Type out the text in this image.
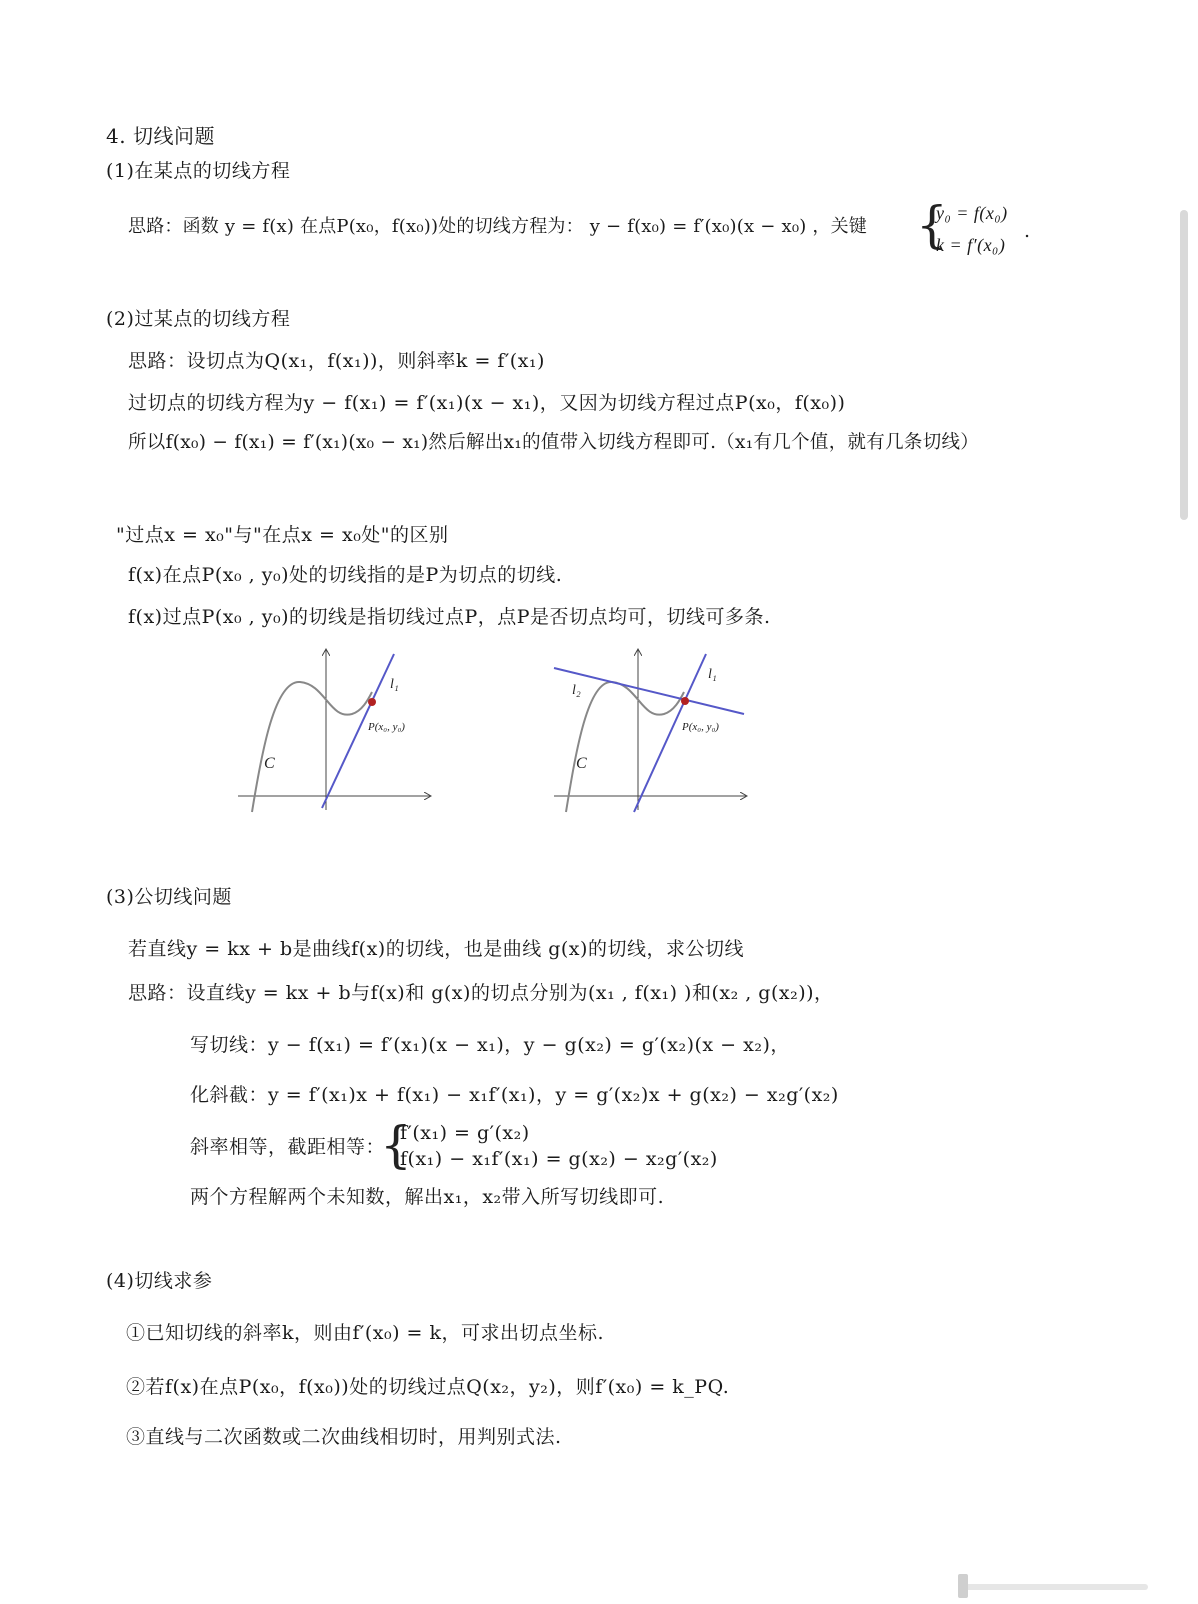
4. 切线问题
(1)在某点的切线方程
思路：函数 y = f(x) 在点P(x₀，f(x₀))处的切线方程为： y − f(x₀) = f′(x₀)(x − x₀) ，关键 {
y₀ = f(x₀)
k = f′(x₀)
.
(2)过某点的切线方程
思路：设切点为Q(x₁，f(x₁))，则斜率k = f′(x₁)
过切点的切线方程为y − f(x₁) = f′(x₁)(x − x₁)，又因为切线方程过点P(x₀，f(x₀))
所以f(x₀) − f(x₁) = f′(x₁)(x₀ − x₁)然后解出x₁的值带入切线方程即可.（x₁有几个值，就有几条切线）
"过点x = x₀"与"在点x = x₀处"的区别
f(x)在点P(x₀ , y₀)处的切线指的是P为切点的切线.
f(x)过点P(x₀ , y₀)的切线是指切线过点P，点P是否切点均可，切线可多条.
C
l₁
P(x₀, y₀)
C
l₁
l₂
P(x₀, y₀)
(3)公切线问题
若直线y = kx + b是曲线f(x)的切线，也是曲线 g(x)的切线，求公切线
思路：设直线y = kx + b与f(x)和 g(x)的切点分别为(x₁ , f(x₁) )和(x₂ , g(x₂))，
写切线：y − f(x₁) = f′(x₁)(x − x₁)，y − g(x₂) = g′(x₂)(x − x₂)，
化斜截：y = f′(x₁)x + f(x₁) − x₁f′(x₁)，y = g′(x₂)x + g(x₂) − x₂g′(x₂)
斜率相等，截距相等：
{
f′(x₁) = g′(x₂)
f(x₁) − x₁f′(x₁) = g(x₂) − x₂g′(x₂)
两个方程解两个未知数，解出x₁，x₂带入所写切线即可.
(4)切线求参
①已知切线的斜率k，则由f′(x₀) = k，可求出切点坐标.
②若f(x)在点P(x₀，f(x₀))处的切线过点Q(x₂，y₂)，则f′(x₀) = k_PQ.
③直线与二次函数或二次曲线相切时，用判别式法.
